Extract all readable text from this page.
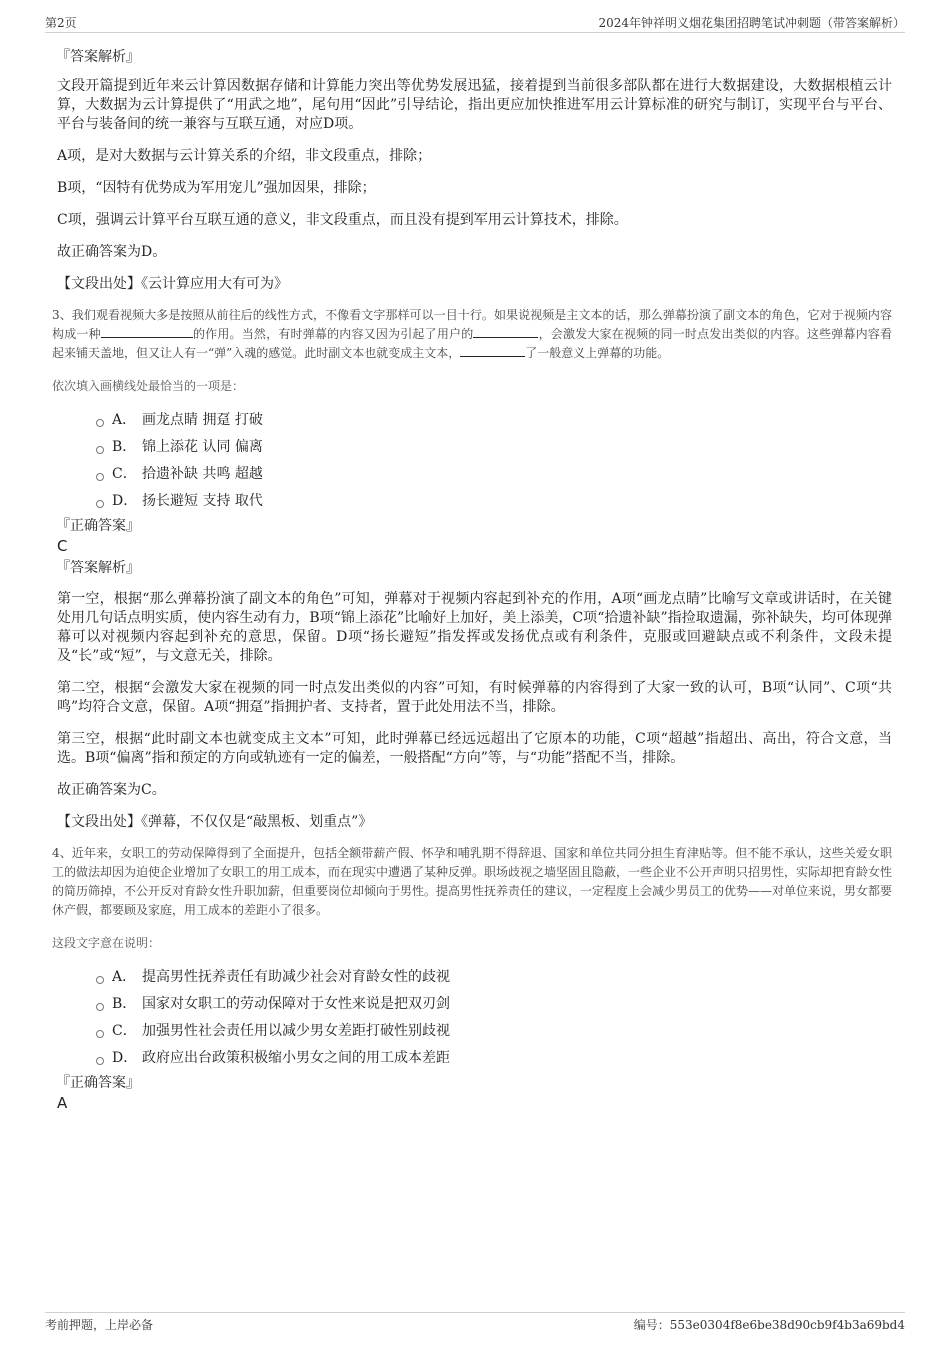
第2页	2024年钟祥明义烟花集团招聘笔试冲刺题（带答案解析）
『答案解析』

文段开篇提到近年来云计算因数据存储和计算能力突出等优势发展迅猛，接着提到当前很多部队都在进行大数据建设，大数据根植云计算，大数据为云计算提供了“用武之地”，尾句用“因此”引导结论，指出更应加快推进军用云计算标准的研究与制订，实现平台与平台、平台与装备间的统一兼容与互联互通，对应D项。

A项，是对大数据与云计算关系的介绍，非文段重点，排除；

B项，“因特有优势成为军用宠儿”强加因果，排除；

C项，强调云计算平台互联互通的意义，非文段重点，而且没有提到军用云计算技术，排除。

故正确答案为D。

【文段出处】《云计算应用大有可为》

3、我们观看视频大多是按照从前往后的线性方式，不像看文字那样可以一目十行。如果说视频是主文本的话，那么弹幕扮演了副文本的角色，它对于视频内容构成一种	的作用。当然，有时弹幕的内容又因为引起了用户的	，会激发大家在视频的同一时点发出类似的内容。这些弹幕内容看起来铺天盖地，但又让人有一“弹”入魂的感觉。此时副文本也就变成主文本，	了一般意义上弹幕的功能。

依次填入画横线处最恰当的一项是：

A． 画龙点睛 拥趸 打破
B． 锦上添花 认同 偏离
C． 拾遗补缺 共鸣 超越
D． 扬长避短 支持 取代
『正确答案』
C
『答案解析』

第一空，根据“那么弹幕扮演了副文本的角色”可知，弹幕对于视频内容起到补充的作用，A项“画龙点睛”比喻写文章或讲话时，在关键处用几句话点明实质，使内容生动有力，B项“锦上添花”比喻好上加好，美上添美，C项“拾遗补缺”指捡取遗漏，弥补缺失，均可体现弹幕可以对视频内容起到补充的意思，保留。D项“扬长避短”指发挥或发扬优点或有利条件，克服或回避缺点或不利条件，文段未提及“长”或“短”，与文意无关，排除。

第二空，根据“会激发大家在视频的同一时点发出类似的内容”可知，有时候弹幕的内容得到了大家一致的认可，B项“认同”、C项“共鸣”均符合文意，保留。A项“拥趸”指拥护者、支持者，置于此处用法不当，排除。

第三空，根据“此时副文本也就变成主文本”可知，此时弹幕已经远远超出了它原本的功能，C项“超越”指超出、高出，符合文意，当选。B项“偏离”指和预定的方向或轨迹有一定的偏差，一般搭配“方向”等，与“功能”搭配不当，排除。

故正确答案为C。

【文段出处】《弹幕，不仅仅是“敲黑板、划重点”》

4、近年来，女职工的劳动保障得到了全面提升，包括全额带薪产假、怀孕和哺乳期不得辞退、国家和单位共同分担生育津贴等。但不能不承认，这些关爱女职工的做法却因为迫使企业增加了女职工的用工成本，而在现实中遭遇了某种反弹。职场歧视之墙坚固且隐蔽，一些企业不公开声明只招男性，实际却把育龄女性的简历筛掉，不公开反对育龄女性升职加薪，但重要岗位却倾向于男性。提高男性抚养责任的建议，一定程度上会减少男员工的优势——对单位来说，男女都要休产假，都要顾及家庭，用工成本的差距小了很多。

这段文字意在说明：

A． 提高男性抚养责任有助减少社会对育龄女性的歧视
B． 国家对女职工的劳动保障对于女性来说是把双刃剑
C． 加强男性社会责任用以减少男女差距打破性别歧视
D． 政府应出台政策积极缩小男女之间的用工成本差距
『正确答案』
A
考前押题，上岸必备	编号：553e0304f8e6be38d90cb9f4b3a69bd4
